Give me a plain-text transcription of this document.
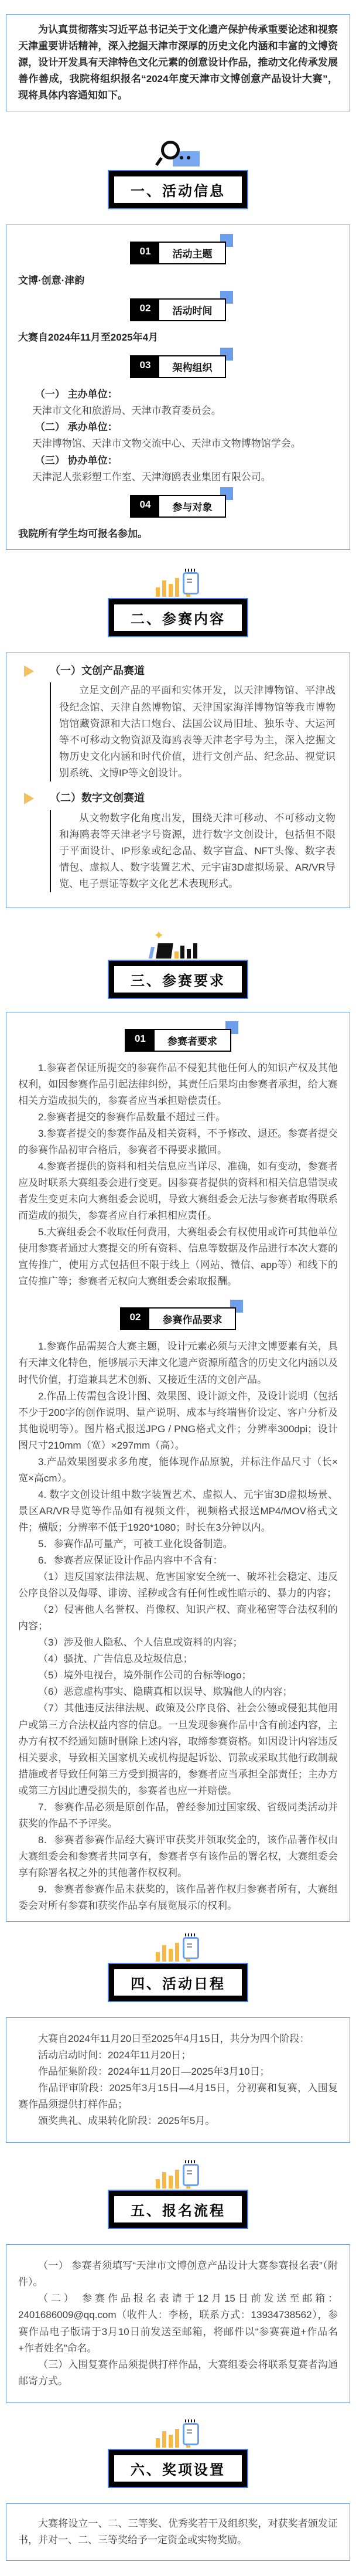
为认真贯彻落实习近平总书记关于文化遗产保护传承重要论述和视察天津重要讲话精神，深入挖掘天津市深厚的历史文化内涵和丰富的文博资源，设计开发具有天津特色文化元素的创意设计作品，推动文化传承发展善作善成，我院将组织报名“2024年度天津市文博创意产品设计大赛”，现将具体内容通知如下。

一、活动信息
01	活动主题

文博·创意·津韵

02	活动时间

大赛自2024年11月至2025年4月

03	架构组织

（一） 主办单位：

天津市文化和旅游局、天津市教育委员会。

（二） 承办单位：

天津博物馆、天津市文物交流中心、天津市文物博物馆学会。

（三） 协办单位：

天津泥人张彩塑工作室、天津海鸥表业集团有限公司。

04	参与对象

我院所有学生均可报名参加。

二、参赛内容

（一）文创产品赛道

立足文创产品的平面和实体开发，以天津博物馆、平津战役纪念馆、天津自然博物馆、天津国家海洋博物馆等我市博物馆馆藏资源和大沽口炮台、法国公议局旧址、独乐寺、大运河等不可移动文物资源及海鸥表等天津老字号为主，深入挖掘文物历史文化内涵和时代价值，进行文创产品、纪念品、视觉识别系统、文博IP等文创设计。

（二）数字文创赛道

从文物数字化角度出发，围绕天津可移动、不可移动文物和海鸥表等天津老字号资源，进行数字文创设计，包括但不限于平面设计、IP形象或纪念品、数字盲盒、NFT头像、数字表情包、虚拟人、数字装置艺术、元宇宙3D虚拟场景、AR/VR导览、电子票证等数字文化艺术表现形式。

✦
三、参赛要求
01	参赛者要求

1.参赛者保证所提交的参赛作品不侵犯其他任何人的知识产权及其他权利，如因参赛作品引起法律纠纷，其责任后果均由参赛者承担，给大赛相关方造成损失的，参赛者应当承担赔偿责任。

2.参赛者提交的参赛作品数量不超过三件。

3.参赛者提交的参赛作品及相关资料，不予修改、退还。参赛者提交的参赛作品初审合格后，参赛者不得要求撤回。

4.参赛者提供的资料和相关信息应当详尽、准确，如有变动，参赛者应及时联系大赛组委会进行变更。因参赛者提供的资料和相关信息错误或者发生变更未向大赛组委会说明，导致大赛组委会无法与参赛者取得联系而造成的损失，参赛者应自行承担相应责任。

5.大赛组委会不收取任何费用，大赛组委会有权使用或许可其他单位使用参赛者通过大赛提交的所有资料、信息等数据及作品进行本次大赛的宣传推广，使用方式包括但不限于线上（网站、微信、app等）和线下的宣传推广等；参赛者无权向大赛组委会索取报酬。

02	参赛作品要求

1.参赛作品需契合大赛主题，设计元素必须与天津文博要素有关，具有天津文化特色，能够展示天津文化遗产资源所蕴含的历史文化内涵以及时代价值，打造兼具艺术创新、又接近生活的文创产品。

2.作品上传需包含设计图、效果图、设计源文件，及设计说明（包括不少于200字的创作说明、量产说明、成本与终端售价设定、客户分析及其他说明等）。图片格式报送JPG / PNG格式文件；分辨率300dpi；设计图尺寸210mm（宽）×297mm（高）。

3.产品效果图要求多角度，能体现作品原貌，并标注作品尺寸（长×宽×高cm）。

4. 数字文创设计组中数字装置艺术、虚拟人、元宇宙3D虚拟场景、景区AR/VR导览等作品如有视频文件，视频格式报送MP4/MOV格式文件；横版；分辨率不低于1920*1080；时长在3分钟以内。

5．参赛作品可量产，可被工业化设备制造。

6．参赛者应保证设计作品内容中不含有：

（1）违反国家法律法规、危害国家安全统一、破坏社会稳定、违反公序良俗以及侮辱、诽谤、淫秽或含有任何性或性暗示的、暴力的内容；

（2）侵害他人名誉权、肖像权、知识产权、商业秘密等合法权利的内容；

（3）涉及他人隐私、个人信息或资料的内容；

（4）骚扰、广告信息及垃圾信息；

（5）境外电视台，境外制作公司的台标等logo；

（6）恶意虚构事实、隐瞒真相以误导、欺骗他人的内容；

（7）其他违反法律法规、政策及公序良俗、社会公德或侵犯其他用户或第三方合法权益内容的信息。一旦发现参赛作品中含有前述内容，主办方有权不经通知随时删除上述内容，取缔参赛资格。如因设计内容违反相关要求，导致相关国家机关或机构提起诉讼、罚款或采取其他行政制裁措施或者导致任何第三方受到损害的，参赛者应当承担全部责任；主办方或第三方因此遭受损失的，参赛者也应一并赔偿。

7．参赛作品必须是原创作品，曾经参加过国家级、省级同类活动并获奖的作品不予评奖。

8．参赛者参赛作品经大赛评审获奖并领取奖金的，该作品著作权由大赛组委会和参赛者共同享有，参赛者享有该作品的署名权，大赛组委会享有除署名权之外的其他著作权权利。

9．参赛者参赛作品未获奖的，该作品著作权归参赛者所有，大赛组委会对所有参赛和获奖作品享有展览展示的权利。

四、活动日程

大赛自2024年11月20日至2025年4月15日，共分为四个阶段：

活动启动时间：2024年11月20日；

作品征集阶段：2024年11月20日—2025年3月10日；

作品评审阶段：2025年3月15日—4月15日，分初赛和复赛，入围复赛作品须提供打样作品；

颁奖典礼、成果转化阶段：2025年5月。

五、报名流程

（一） 参赛者须填写“天津市文博创意产品设计大赛参赛报名表”（附件）。

（二） 参赛作品报名表请于12月15日前发送至邮箱：2401686009@qq.com（收件人：李杨，联系方式：13934738562），参赛作品电子版请于3月10日前发送至邮箱，将邮件以“参赛赛道+作品名+作者姓名”命名。

（三）入围复赛作品须提供打样作品，大赛组委会将联系复赛者沟通邮寄方式。

六、奖项设置

大赛将设立一、二、三等奖、优秀奖若干及组织奖，对获奖者颁发证书，并对一、二、三等奖给予一定资金或实物奖励。
